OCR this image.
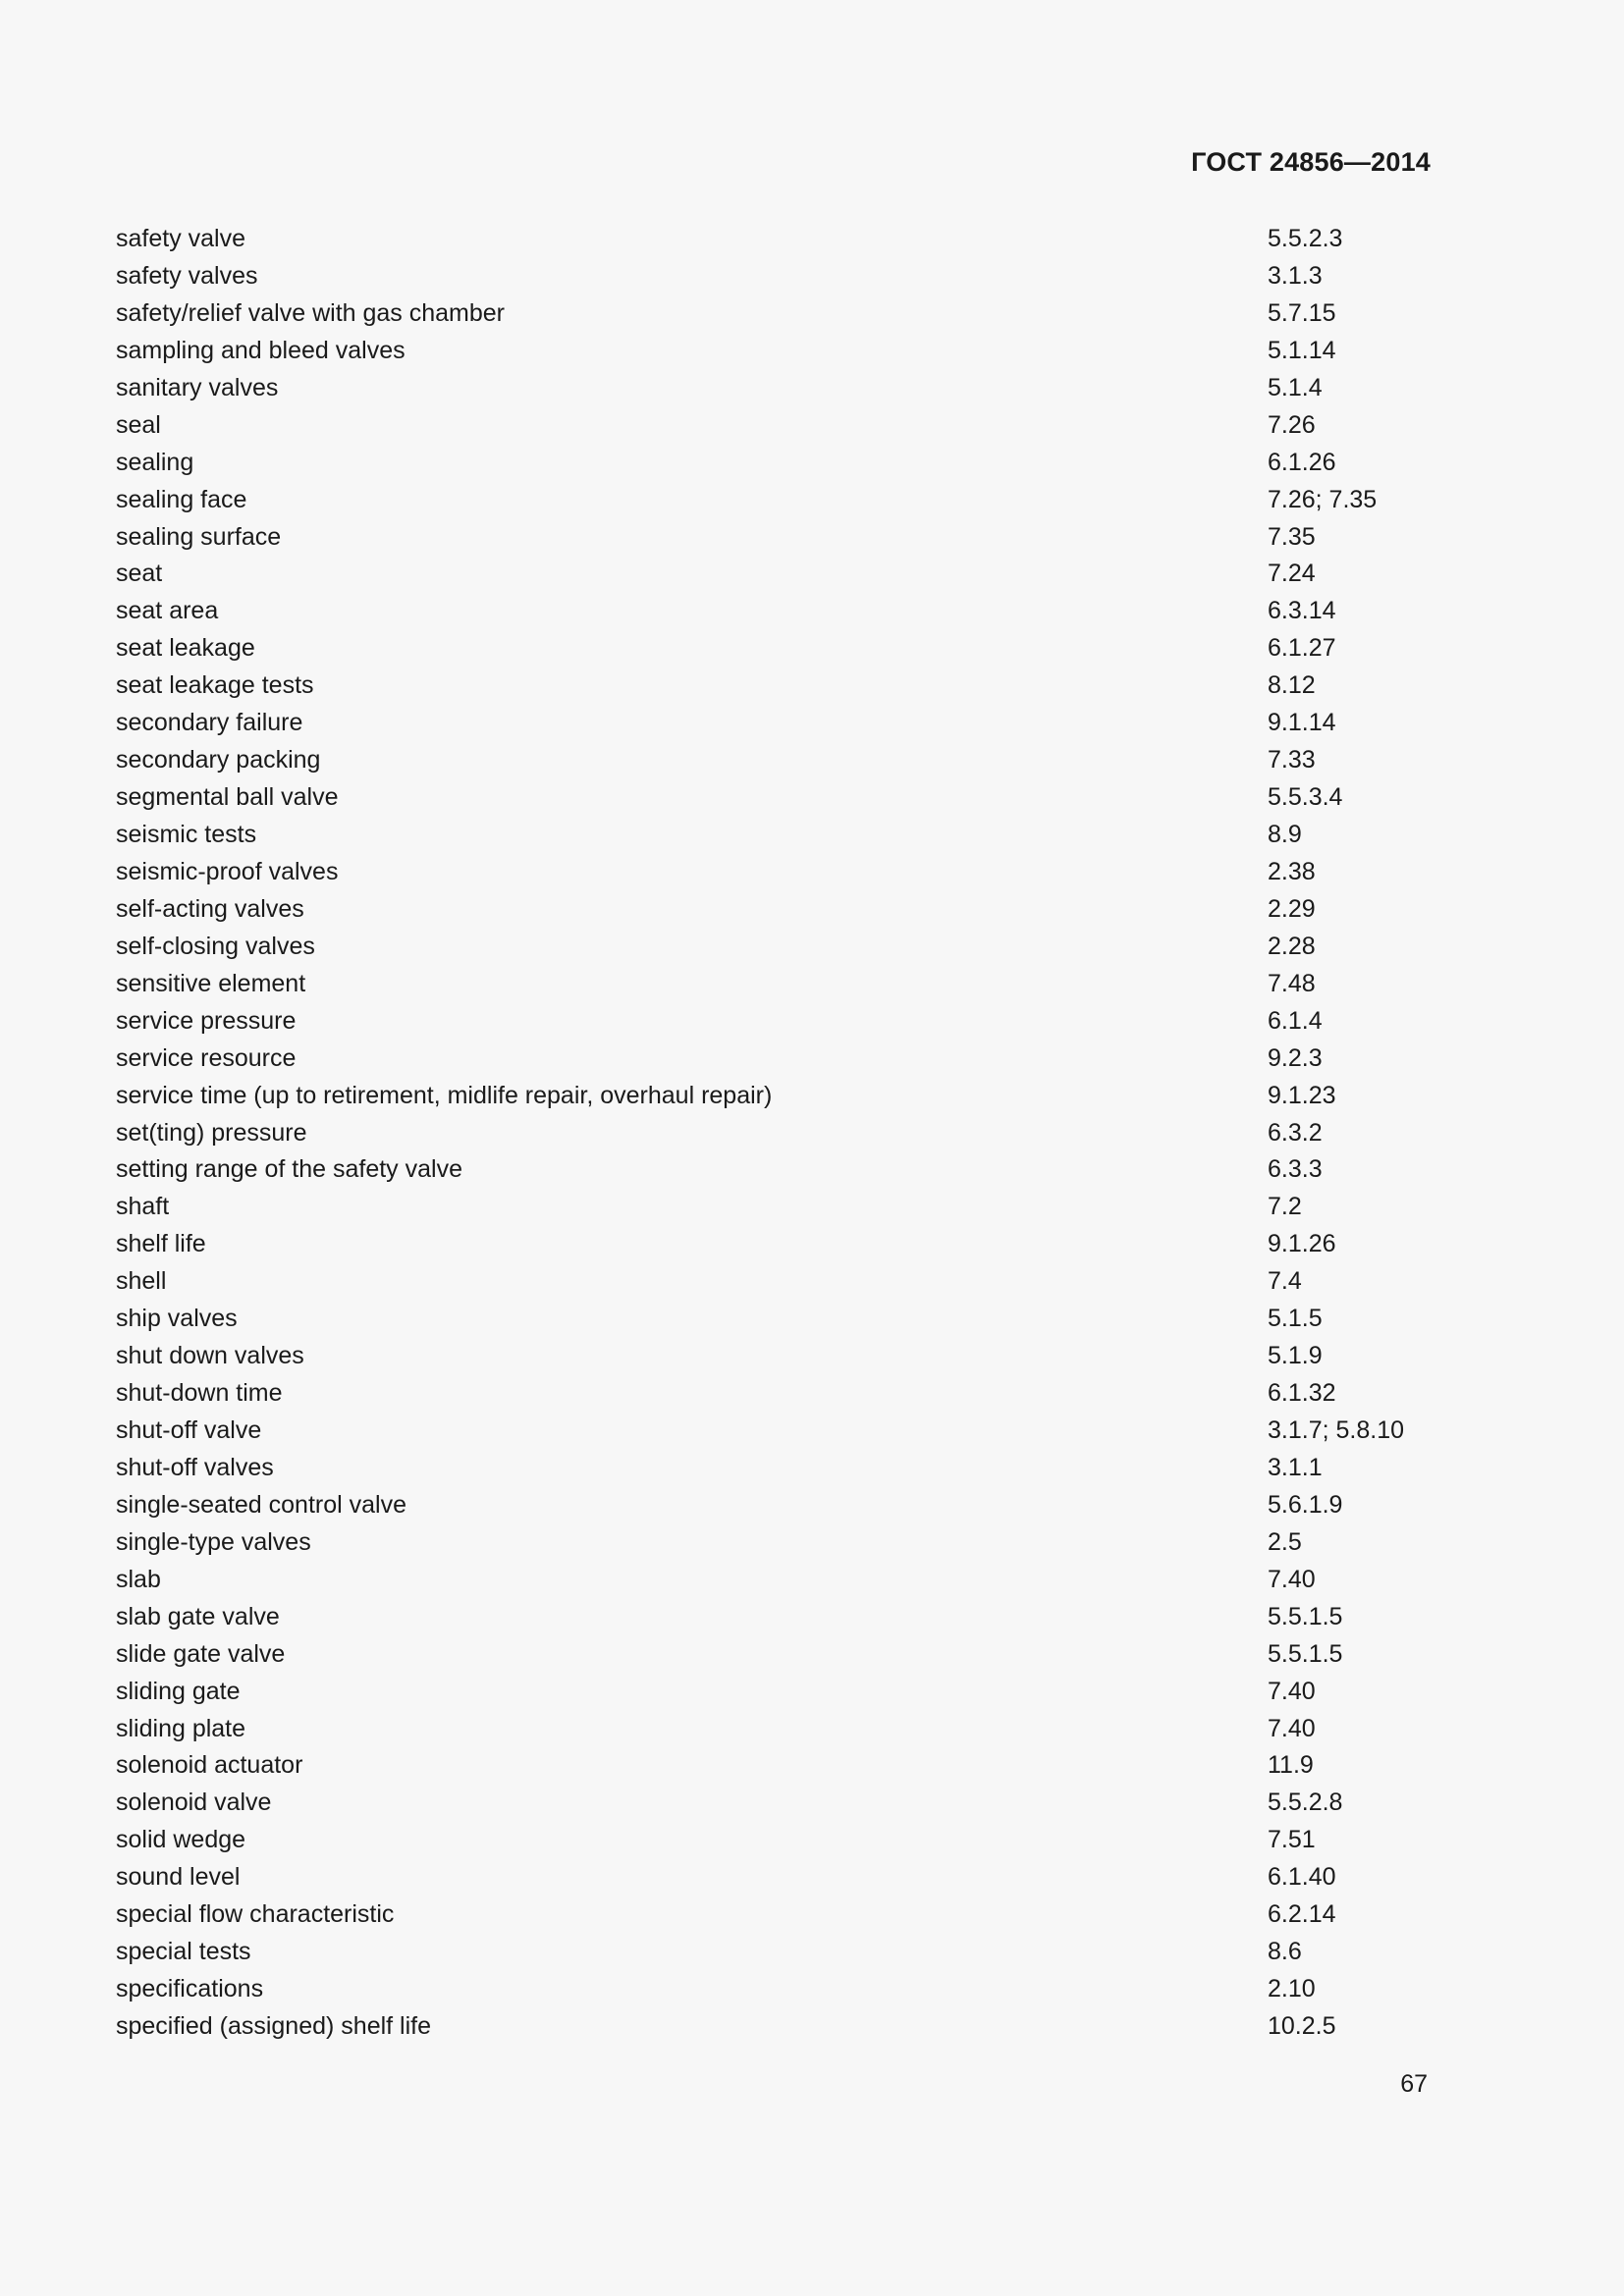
ГОСТ 24856—2014
safety valve	5.5.2.3
safety valves	3.1.3
safety/relief valve with gas chamber	5.7.15
sampling and bleed valves	5.1.14
sanitary valves	5.1.4
seal	7.26
sealing	6.1.26
sealing face	7.26; 7.35
sealing surface	7.35
seat	7.24
seat area	6.3.14
seat leakage	6.1.27
seat leakage tests	8.12
secondary failure	9.1.14
secondary packing	7.33
segmental ball valve	5.5.3.4
seismic tests	8.9
seismic-proof valves	2.38
self-acting valves	2.29
self-closing valves	2.28
sensitive element	7.48
service pressure	6.1.4
service resource	9.2.3
service time (up to retirement, midlife repair, overhaul repair)	9.1.23
set(ting) pressure	6.3.2
setting range of the safety valve	6.3.3
shaft	7.2
shelf life	9.1.26
shell	7.4
ship valves	5.1.5
shut down valves	5.1.9
shut-down time	6.1.32
shut-off valve	3.1.7; 5.8.10
shut-off valves	3.1.1
single-seated control valve	5.6.1.9
single-type valves	2.5
slab	7.40
slab gate valve	5.5.1.5
slide gate valve	5.5.1.5
sliding gate	7.40
sliding plate	7.40
solenoid actuator	11.9
solenoid valve	5.5.2.8
solid wedge	7.51
sound level	6.1.40
special flow characteristic	6.2.14
special tests	8.6
specifications	2.10
specified (assigned) shelf life	10.2.5
67
